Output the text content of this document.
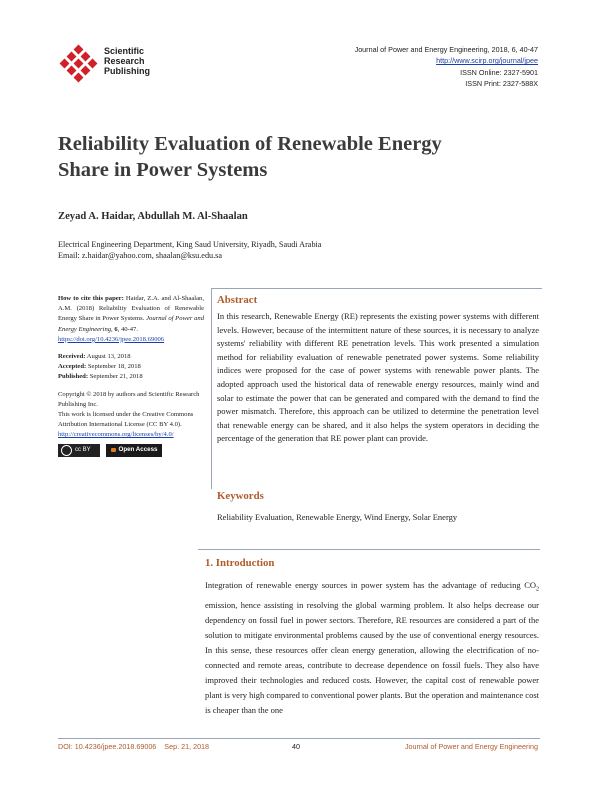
Scientific
Research
Publishing
Journal of Power and Energy Engineering, 2018, 6, 40-47
http://www.scirp.org/journal/jpee
ISSN Online: 2327-5901
ISSN Print: 2327-588X
Reliability Evaluation of Renewable Energy
Share in Power Systems
Zeyad A. Haidar, Abdullah M. Al-Shaalan
Electrical Engineering Department, King Saud University, Riyadh, Saudi Arabia
Email: z.haidar@yahoo.com, shaalan@ksu.edu.sa
How to cite this paper: Haidar, Z.A. and Al-Shaalan, A.M. (2018) Reliability Evaluation of Renewable Energy Share in Power Systems. Journal of Power and Energy Engineering, 6, 40-47.
https://doi.org/10.4236/jpee.2018.69006
Received: August 13, 2018
Accepted: September 18, 2018
Published: September 21, 2018
Copyright © 2018 by authors and Scientific Research Publishing Inc.
This work is licensed under the Creative Commons Attribution International License (CC BY 4.0).
http://creativecommons.org/licenses/by/4.0/
cc BY	Open Access
Abstract
In this research, Renewable Energy (RE) represents the existing power systems with different levels. However, because of the intermittent nature of these sources, it is necessary to analyze systems' reliability with different RE penetration levels. This work presented a simulation method for reliability evaluation of renewable penetrated power systems. Some reliability indices were proposed for the case of power systems with renewable power plants. The adopted approach used the historical data of renewable energy resources, mainly wind and solar to estimate the power that can be generated and compared with the demand to find the power mismatch. Therefore, this approach can be utilized to determine the penetration level that renewable energy can be shared, and it also helps the system operators in deciding the percentage of the generation that RE power plant can provide.
Keywords
Reliability Evaluation, Renewable Energy, Wind Energy, Solar Energy
1. Introduction
Integration of renewable energy sources in power system has the advantage of reducing $CO_2$ emission, hence assisting in resolving the global warming problem. It also helps decrease our dependency on fossil fuel in power sectors. Therefore, RE resources are considered a part of the solution to mitigate environmental problems caused by the use of conventional energy resources. In this sense, these resources offer clean energy generation, allowing the electrification of no-connected and remote areas, contribute to decrease dependence on fossil fuels. They also have improved their technologies and reduced costs. However, the capital cost of renewable power plant is very high compared to conventional power plants. But the operation and maintenance cost is cheaper than the one
DOI: 10.4236/jpee.2018.69006    Sep. 21, 2018	40	Journal of Power and Energy Engineering
